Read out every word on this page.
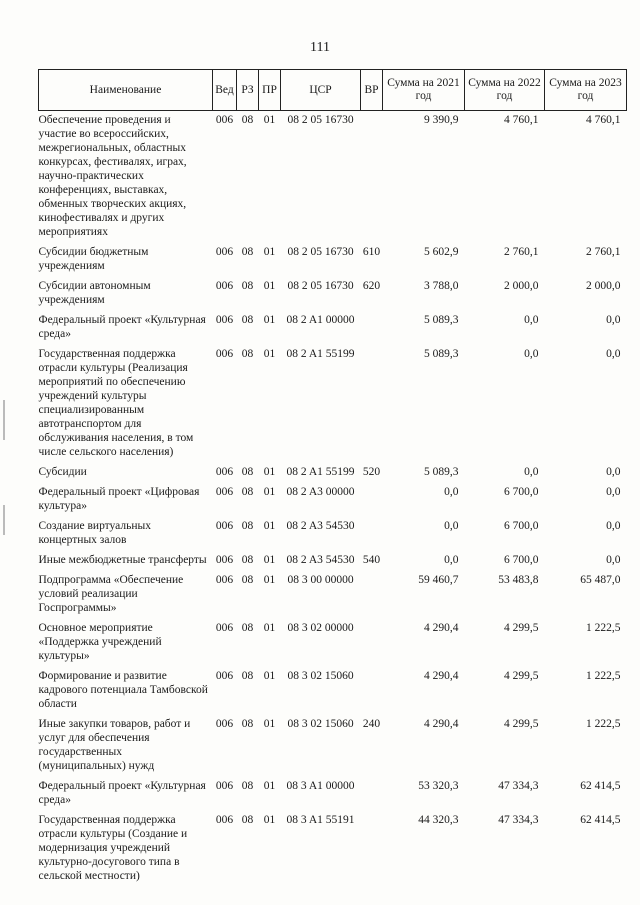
111
Наименование	Вед	РЗ	ПР	ЦСР	ВР	Сумма на 2021 год	Сумма на 2022 год	Сумма на 2023 год
Обеспечение проведения и участие во всероссийских, межрегиональных, областных конкурсах, фестивалях, играх, научно-практических конференциях, выставках, обменных творческих акциях, кинофестивалях и других мероприятиях	006	08	01	08 2 05 16730		9 390,9	4 760,1	4 760,1
Субсидии бюджетным учреждениям	006	08	01	08 2 05 16730	610	5 602,9	2 760,1	2 760,1
Субсидии автономным учреждениям	006	08	01	08 2 05 16730	620	3 788,0	2 000,0	2 000,0
Федеральный проект «Культурная среда»	006	08	01	08 2 A1 00000		5 089,3	0,0	0,0
Государственная поддержка отрасли культуры (Реализация мероприятий по обеспечению учреждений культуры специализированным автотранспортом для обслуживания населения, в том числе сельского населения)	006	08	01	08 2 A1 55199		5 089,3	0,0	0,0
Субсидии	006	08	01	08 2 A1 55199	520	5 089,3	0,0	0,0
Федеральный проект «Цифровая культура»	006	08	01	08 2 A3 00000		0,0	6 700,0	0,0
Создание виртуальных концертных залов	006	08	01	08 2 A3 54530		0,0	6 700,0	0,0
Иные межбюджетные трансферты	006	08	01	08 2 A3 54530	540	0,0	6 700,0	0,0
Подпрограмма «Обеспечение условий реализации Госпрограммы»	006	08	01	08 3 00 00000		59 460,7	53 483,8	65 487,0
Основное мероприятие «Поддержка учреждений культуры»	006	08	01	08 3 02 00000		4 290,4	4 299,5	1 222,5
Формирование и развитие кадрового потенциала Тамбовской области	006	08	01	08 3 02 15060		4 290,4	4 299,5	1 222,5
Иные закупки товаров, работ и услуг для обеспечения государственных (муниципальных) нужд	006	08	01	08 3 02 15060	240	4 290,4	4 299,5	1 222,5
Федеральный проект «Культурная среда»	006	08	01	08 3 A1 00000		53 320,3	47 334,3	62 414,5
Государственная поддержка отрасли культуры (Создание и модернизация учреждений культурно-досугового типа в сельской местности)	006	08	01	08 3 A1 55191		44 320,3	47 334,3	62 414,5
